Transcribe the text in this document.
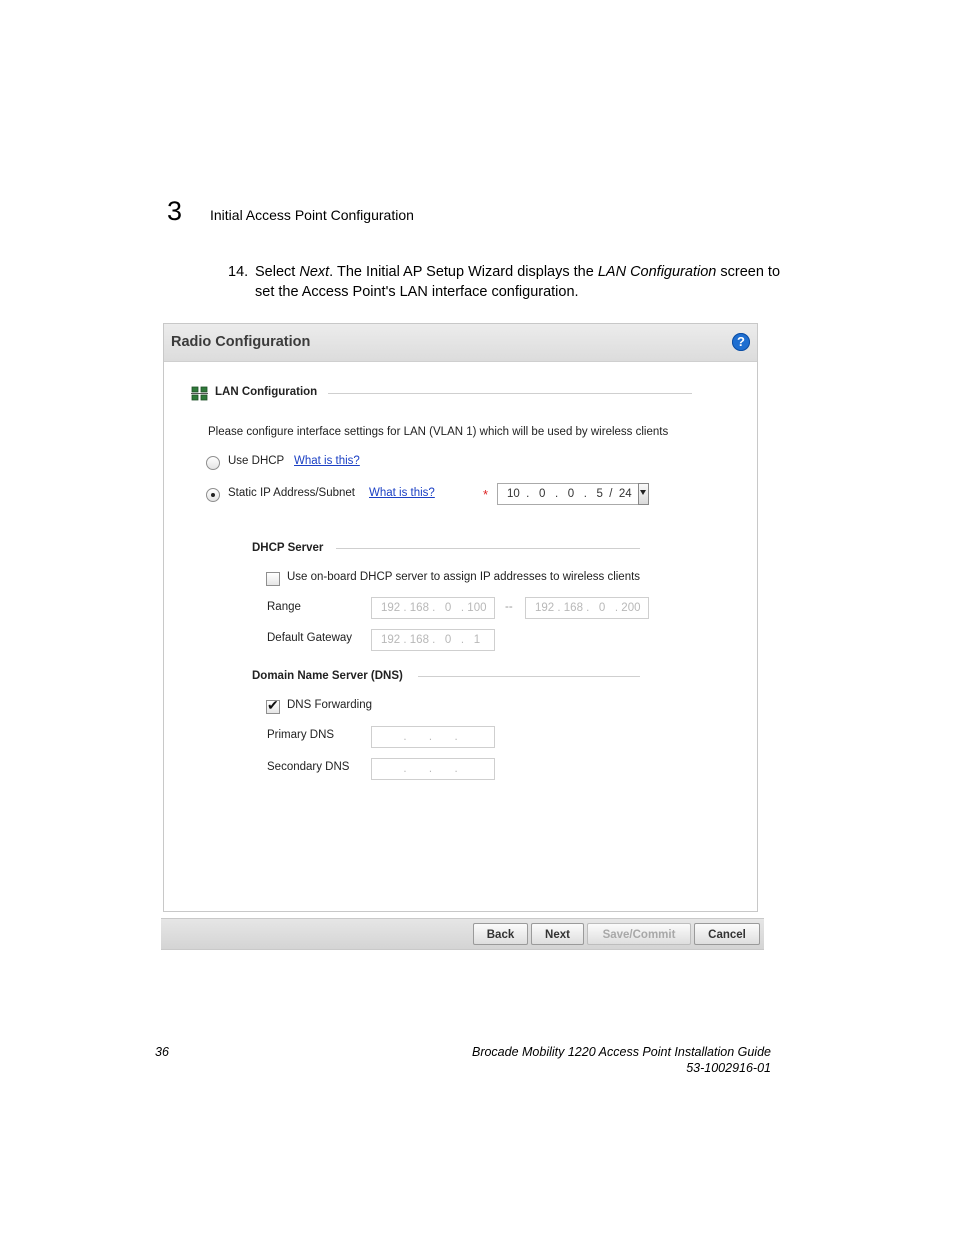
3 Initial Access Point Configuration
14. Select Next. The Initial AP Setup Wizard displays the LAN Configuration screen to set the Access Point's LAN interface configuration.
Radio Configuration	?
LAN Configuration
Please configure interface settings for LAN (VLAN 1) which will be used by wireless clients
Use DHCP What is this?
Static IP Address/Subnet What is this?	*	10  .   0   .   0   .   5  /  24
DHCP Server
Use on-board DHCP server to assign IP addresses to wireless clients
Range	192 . 168 .   0   . 100	--	192 . 168 .   0   . 200
Default Gateway	192 . 168 .   0   .   1
Domain Name Server (DNS)
✔
DNS Forwarding
Primary DNS	.       .       .
Secondary DNS	.       .       .
Back	Next	Save/Commit	Cancel
36	Brocade Mobility 1220 Access Point Installation Guide
53-1002916-01
